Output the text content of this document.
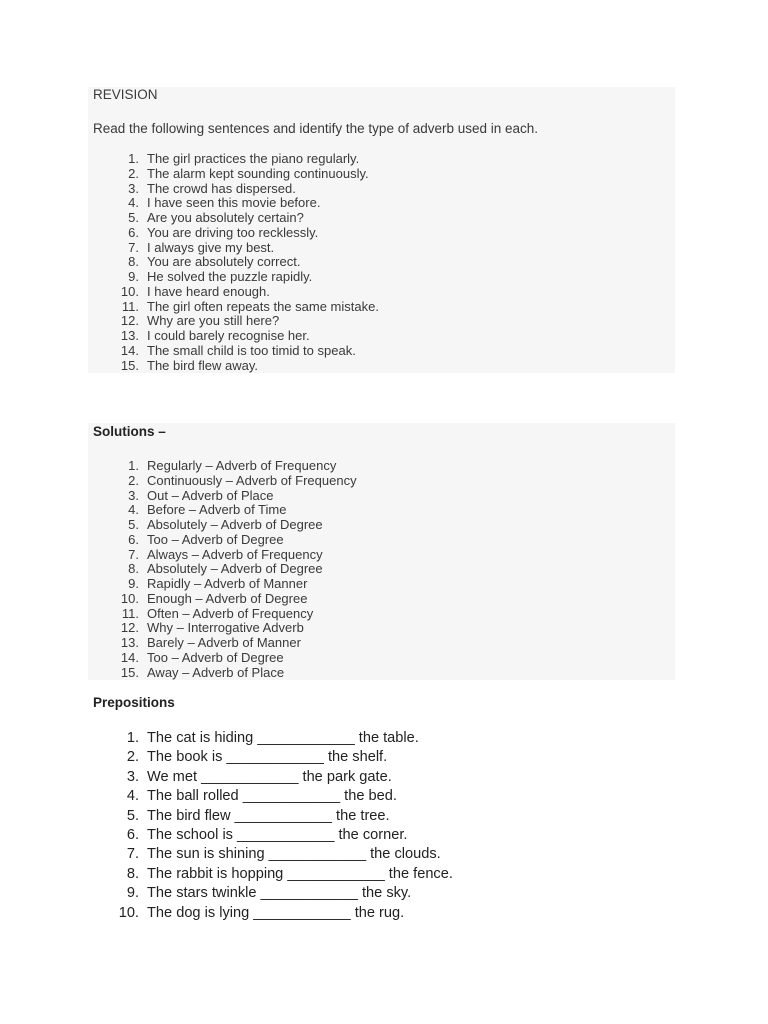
REVISION

Read the following sentences and identify the type of adverb used in each.

1. The girl practices the piano regularly.
2. The alarm kept sounding continuously.
3. The crowd has dispersed.
4. I have seen this movie before.
5. Are you absolutely certain?
6. You are driving too recklessly.
7. I always give my best.
8. You are absolutely correct.
9. He solved the puzzle rapidly.
10. I have heard enough.
11. The girl often repeats the same mistake.
12. Why are you still here?
13. I could barely recognise her.
14. The small child is too timid to speak.
15. The bird flew away.

Solutions –

1. Regularly – Adverb of Frequency
2. Continuously – Adverb of Frequency
3. Out – Adverb of Place
4. Before – Adverb of Time
5. Absolutely – Adverb of Degree
6. Too – Adverb of Degree
7. Always – Adverb of Frequency
8. Absolutely – Adverb of Degree
9. Rapidly – Adverb of Manner
10. Enough – Adverb of Degree
11. Often – Adverb of Frequency
12. Why – Interrogative Adverb
13. Barely – Adverb of Manner
14. Too – Adverb of Degree
15. Away – Adverb of Place

Prepositions

1. The cat is hiding ____________ the table.
2. The book is ____________ the shelf.
3. We met ____________ the park gate.
4. The ball rolled ____________ the bed.
5. The bird flew ____________ the tree.
6. The school is ____________ the corner.
7. The sun is shining ____________ the clouds.
8. The rabbit is hopping ____________ the fence.
9. The stars twinkle ____________ the sky.
10. The dog is lying ____________ the rug.
